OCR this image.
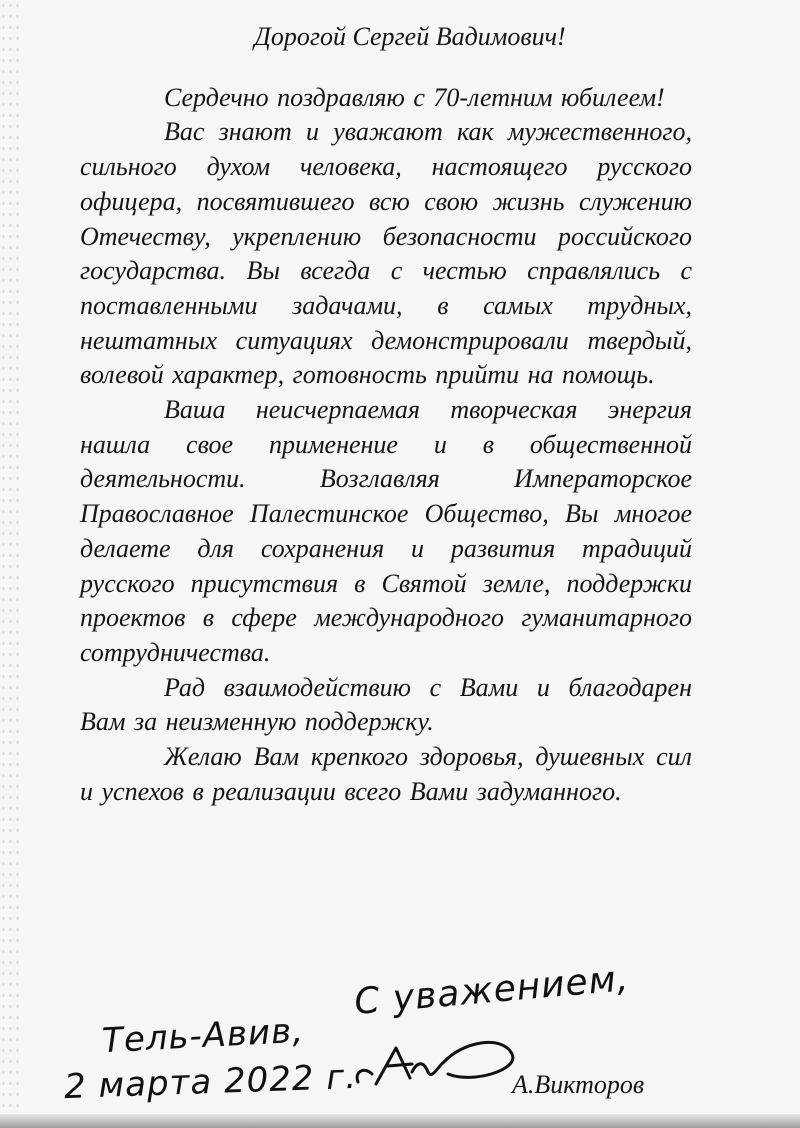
Дорогой Сергей Вадимович!

Сердечно поздравляю с 70-летним юбилеем!

Вас знают и уважают как мужественного, сильного духом человека, настоящего русского офицера, посвятившего всю свою жизнь служению Отечеству, укреплению безопасности российского государства. Вы всегда с честью справлялись с поставленными задачами, в самых трудных, нештатных ситуациях демонстрировали твердый, волевой характер, готовность прийти на помощь.

Ваша неисчерпаемая творческая энергия нашла свое применение и в общественной деятельности. Возглавляя Императорское Православное Палестинское Общество, Вы многое делаете для сохранения и развития традиций русского присутствия в Святой земле, поддержки проектов в сфере международного гуманитарного сотрудничества.

Рад взаимодействию с Вами и благодарен Вам за неизменную поддержку.

Желаю Вам крепкого здоровья, душевных сил и успехов в реализации всего Вами задуманного.

С уважением,
Тель-Авив,
2 марта 2022 г.	А.Викторов
